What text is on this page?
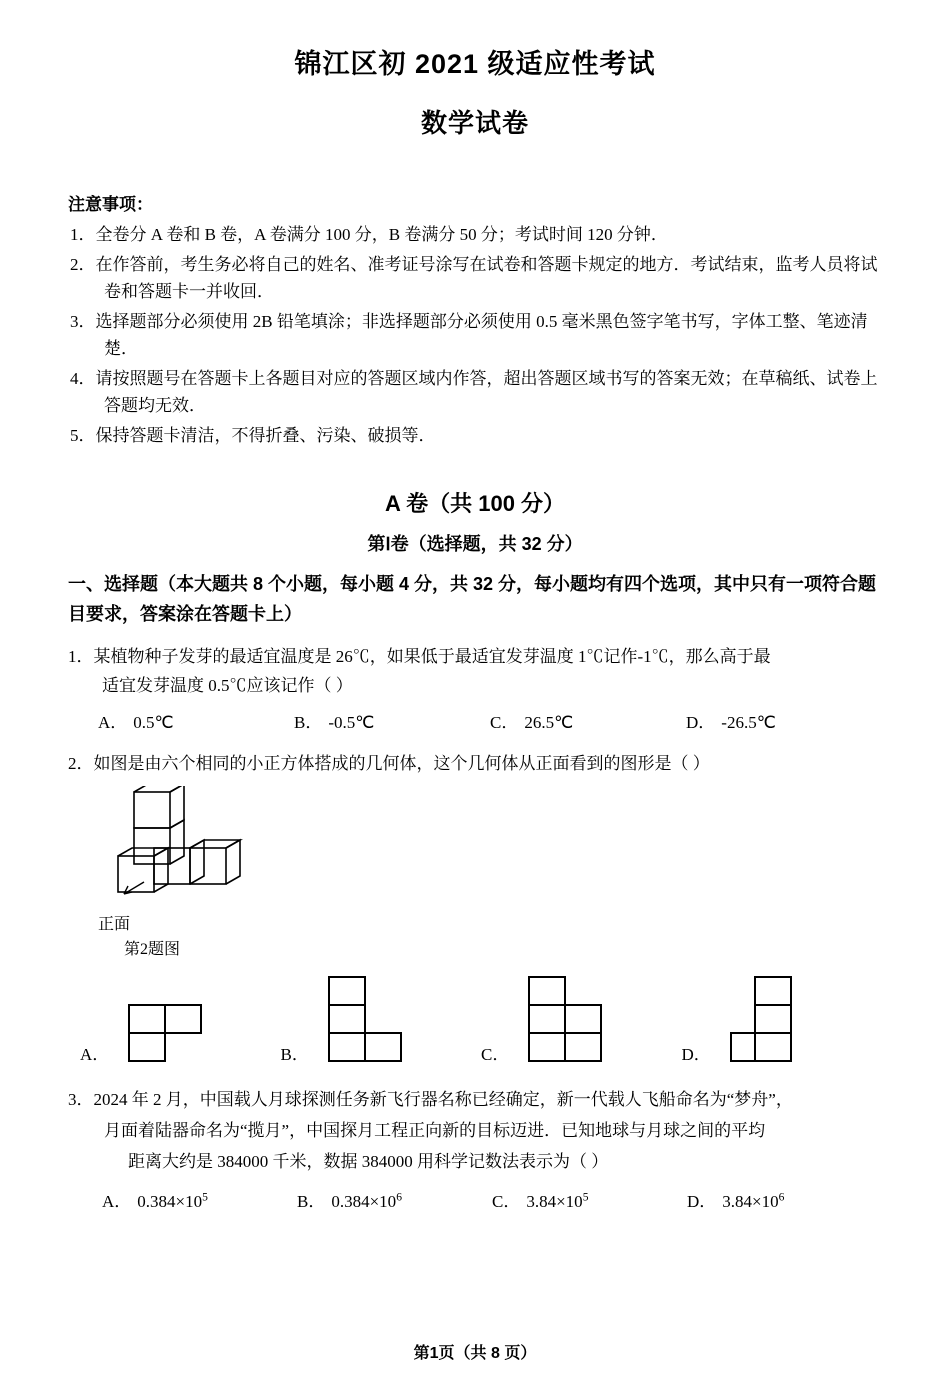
锦江区初 2021 级适应性考试
数学试卷
注意事项：
1．全卷分 A 卷和 B 卷，A 卷满分 100 分，B 卷满分 50 分；考试时间 120 分钟．
2．在作答前，考生务必将自己的姓名、准考证号涂写在试卷和答题卡规定的地方．考试结束，监考人员将试卷和答题卡一并收回．
3．选择题部分必须使用 2B 铅笔填涂；非选择题部分必须使用 0.5 毫米黑色签字笔书写，字体工整、笔迹清楚．
4．请按照题号在答题卡上各题目对应的答题区域内作答，超出答题区域书写的答案无效；在草稿纸、试卷上答题均无效．
5．保持答题卡清洁，不得折叠、污染、破损等．
A 卷（共 100 分）
第Ⅰ卷（选择题，共 32 分）
一、选择题（本大题共 8 个小题，每小题 4 分，共 32 分，每小题均有四个选项，其中只有一项符合题目要求，答案涂在答题卡上）
1．某植物种子发芽的最适宜温度是 26℃，如果低于最适宜发芽温度 1℃记作-1℃，那么高于最
适宜发芽温度 0.5℃应该记作（ ）
A． 0.5℃	B． -0.5℃	C． 26.5℃	D． -26.5℃
2．如图是由六个相同的小正方体搭成的几何体，这个几何体从正面看到的图形是（ ）
正面
第2题图
A．	B．	C．	D．
3．2024 年 2 月，中国载人月球探测任务新飞行器名称已经确定，新一代载人飞船命名为“梦舟”，
月面着陆器命名为“揽月”，中国探月工程正向新的目标迈进．已知地球与月球之间的平均
距离大约是 384000 千米，数据 384000 用科学记数法表示为（ ）
A． $0.384\times 10^5$	B． $0.384\times 10^6$	C． $3.84\times 10^5$	D． $3.84\times 10^6$
第1页（共 8 页）
